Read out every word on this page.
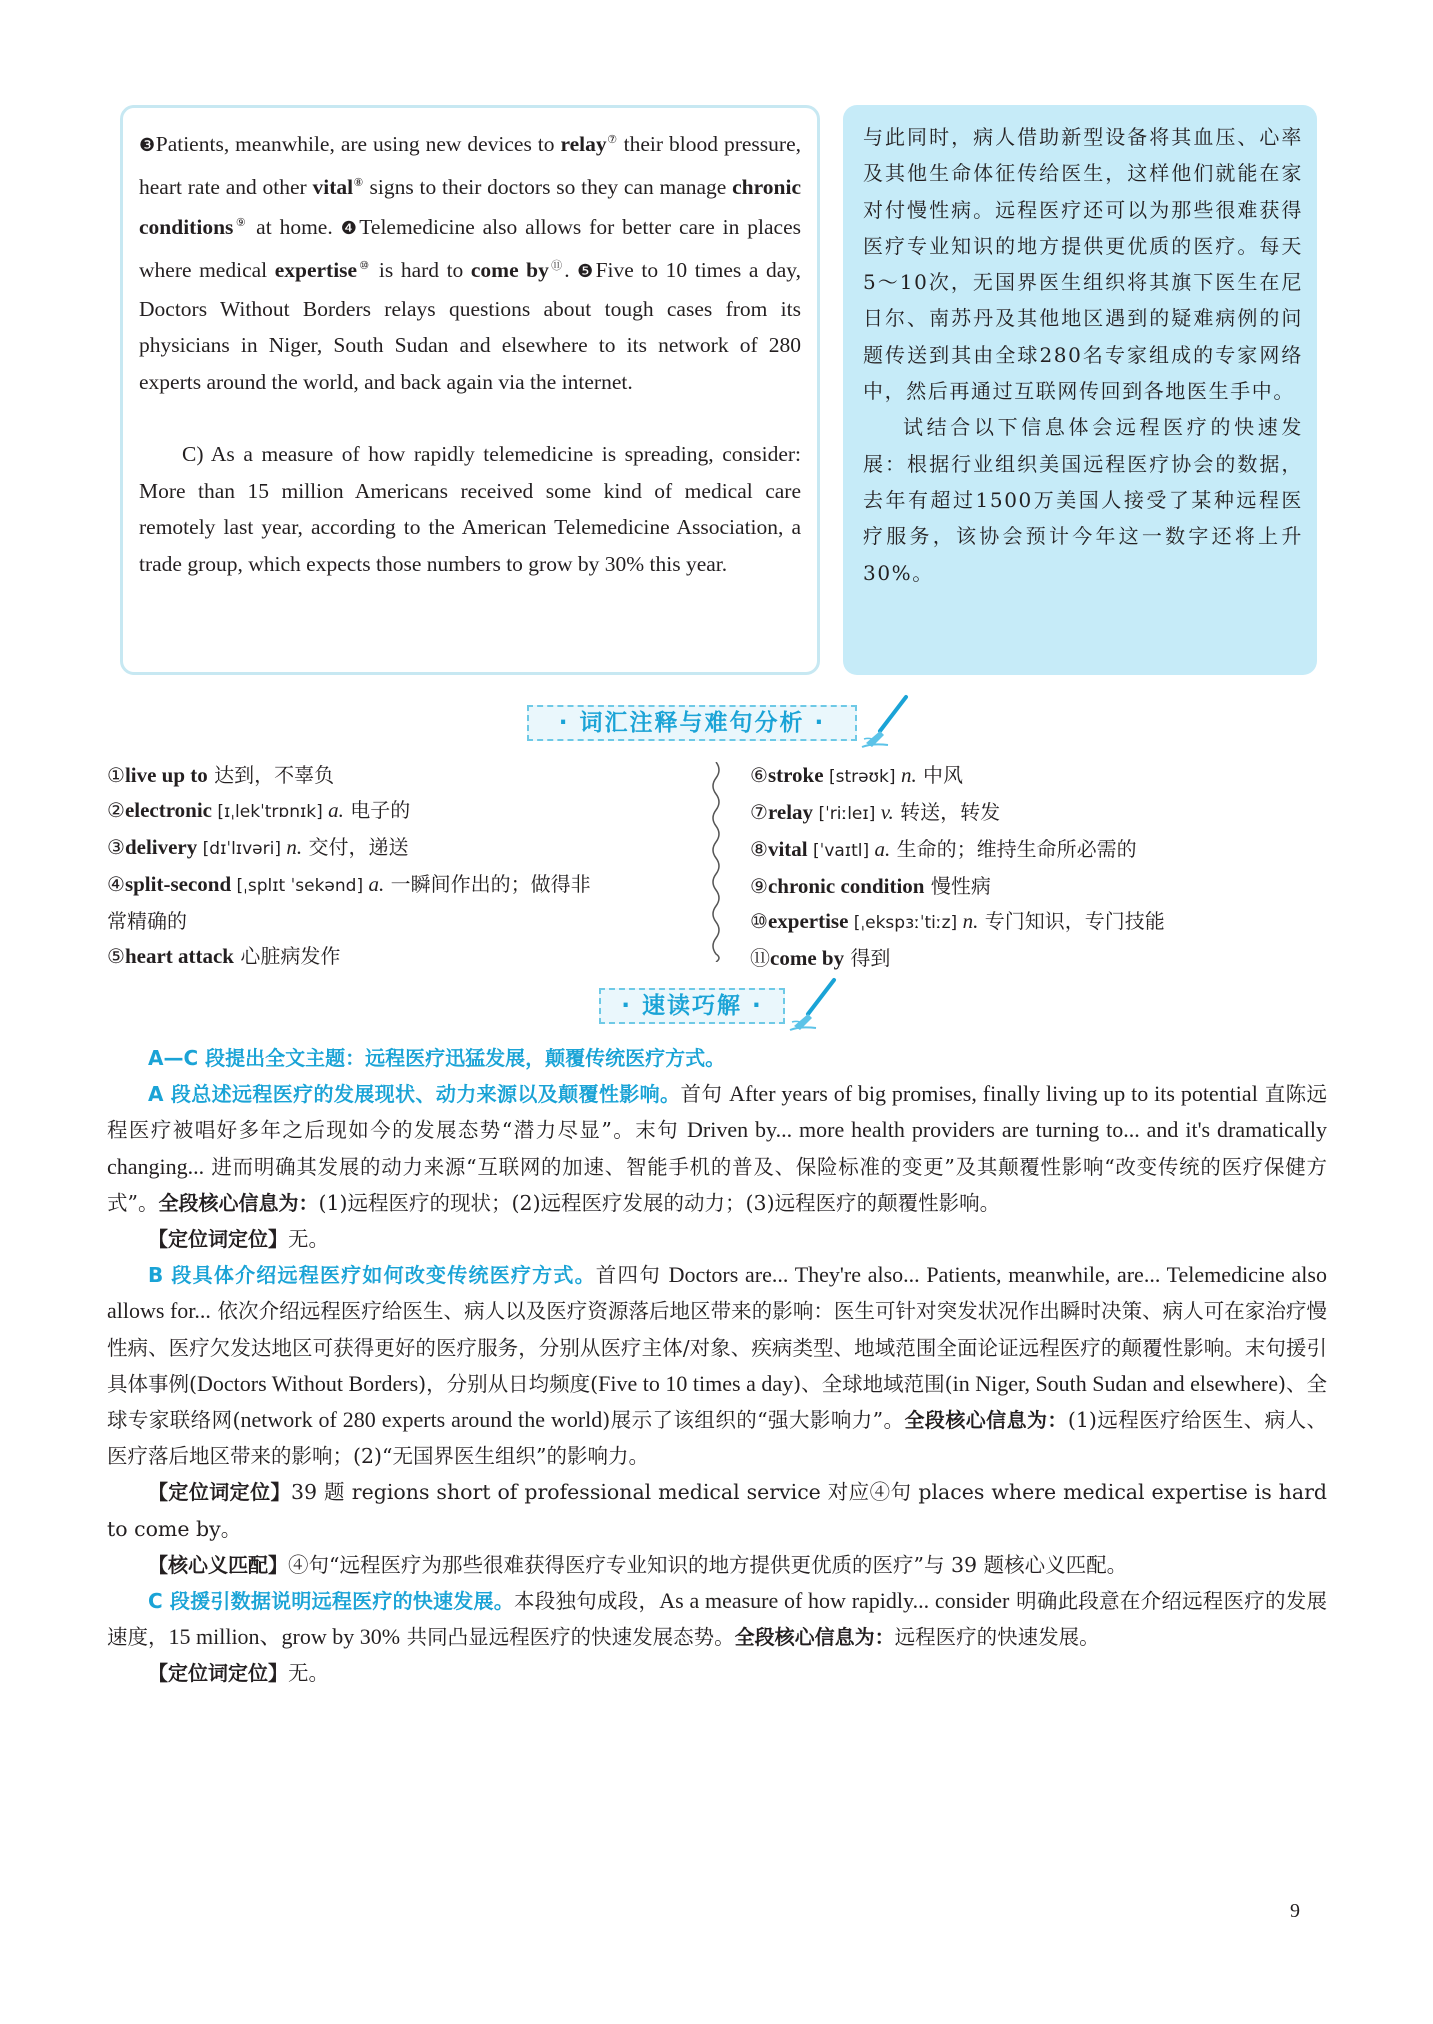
❸Patients, meanwhile, are using new devices to relay⑦ their blood pressure, heart rate and other vital⑧ signs to their doctors so they can manage chronic conditions⑨ at home. ❹Telemedicine also allows for better care in places where medical expertise⑩ is hard to come by⑪. ❺Five to 10 times a day, Doctors Without Borders relays questions about tough cases from its physicians in Niger, South Sudan and elsewhere to its network of 280 experts around the world, and back again via the internet.

C) As a measure of how rapidly telemedicine is spreading, consider: More than 15 million Americans received some kind of medical care remotely last year, according to the American Telemedicine Association, a trade group, which expects those numbers to grow by 30% this year.

与此同时，病人借助新型设备将其血压、心率及其他生命体征传给医生，这样他们就能在家对付慢性病。远程医疗还可以为那些很难获得医疗专业知识的地方提供更优质的医疗。每天5～10次，无国界医生组织将其旗下医生在尼日尔、南苏丹及其他地区遇到的疑难病例的问题传送到其由全球280名专家组成的专家网络中，然后再通过互联网传回到各地医生手中。

试结合以下信息体会远程医疗的快速发展：根据行业组织美国远程医疗协会的数据，去年有超过1500万美国人接受了某种远程医疗服务，该协会预计今年这一数字还将上升30%。

· 词汇注释与难句分析 ·
①live up to 达到，不辜负
②electronic [ɪˌlekˈtrɒnɪk] a. 电子的
③delivery [dɪˈlɪvəri] n. 交付，递送
④split-second [ˌsplɪt ˈsekənd] a. 一瞬间作出的；做得非
常精确的
⑤heart attack 心脏病发作
⑥stroke [strəʊk] n. 中风
⑦relay [ˈriːleɪ] v. 转送，转发
⑧vital [ˈvaɪtl] a. 生命的；维持生命所必需的
⑨chronic condition 慢性病
⑩expertise [ˌekspɜːˈtiːz] n. 专门知识，专门技能
⑪come by 得到
· 速读巧解 ·

A—C 段提出全文主题：远程医疗迅猛发展，颠覆传统医疗方式。

A 段总述远程医疗的发展现状、动力来源以及颠覆性影响。首句 After years of big promises, finally living up to its potential 直陈远程医疗被唱好多年之后现如今的发展态势“潜力尽显”。末句 Driven by... more health providers are turning to... and it's dramatically changing... 进而明确其发展的动力来源“互联网的加速、智能手机的普及、保险标准的变更”及其颠覆性影响“改变传统的医疗保健方式”。全段核心信息为：(1)远程医疗的现状；(2)远程医疗发展的动力；(3)远程医疗的颠覆性影响。

【定位词定位】无。

B 段具体介绍远程医疗如何改变传统医疗方式。首四句 Doctors are... They're also... Patients, meanwhile, are... Telemedicine also allows for... 依次介绍远程医疗给医生、病人以及医疗资源落后地区带来的影响：医生可针对突发状况作出瞬时决策、病人可在家治疗慢性病、医疗欠发达地区可获得更好的医疗服务，分别从医疗主体/对象、疾病类型、地域范围全面论证远程医疗的颠覆性影响。末句援引具体事例(Doctors Without Borders)，分别从日均频度(Five to 10 times a day)、全球地域范围(in Niger, South Sudan and elsewhere)、全球专家联络网(network of 280 experts around the world)展示了该组织的“强大影响力”。全段核心信息为：(1)远程医疗给医生、病人、医疗落后地区带来的影响；(2)“无国界医生组织”的影响力。

【定位词定位】39 题 regions short of professional medical service 对应④句 places where medical expertise is hard to come by。

【核心义匹配】④句“远程医疗为那些很难获得医疗专业知识的地方提供更优质的医疗”与 39 题核心义匹配。

C 段援引数据说明远程医疗的快速发展。本段独句成段，As a measure of how rapidly... consider 明确此段意在介绍远程医疗的发展速度，15 million、grow by 30% 共同凸显远程医疗的快速发展态势。全段核心信息为：远程医疗的快速发展。

【定位词定位】无。

9
